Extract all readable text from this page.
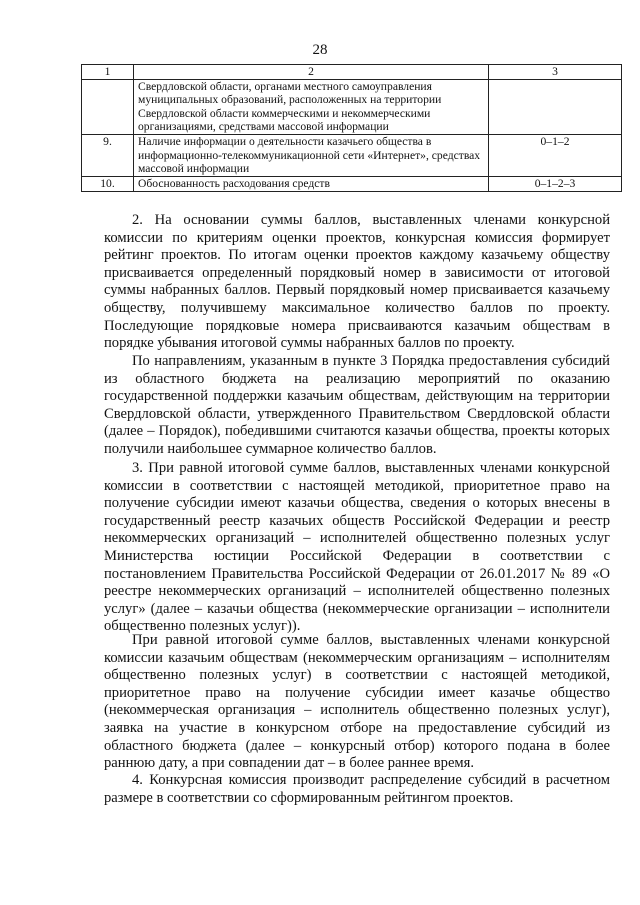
28
1	2	3
	Свердловской области, органами местного самоуправления муниципальных образований, расположенных на территории Свердловской области коммерческими и некоммерческими организациями, средствами массовой информации	
9.	Наличие информации о деятельности казачьего общества в информационно-телекоммуникационной сети «Интернет», средствах массовой информации	0–1–2
10.	Обоснованность расходования средств	0–1–2–3

2. На основании суммы баллов, выставленных членами конкурсной комиссии по критериям оценки проектов, конкурсная комиссия формирует рейтинг проектов. По итогам оценки проектов каждому казачьему обществу присваивается определенный порядковый номер в зависимости от итоговой суммы набранных баллов. Первый порядковый номер присваивается казачьему обществу, получившему максимальное количество баллов по проекту. Последующие порядковые номера присваиваются казачьим обществам в порядке убывания итоговой суммы набранных баллов по проекту.

По направлениям, указанным в пункте 3 Порядка предоставления субсидий из областного бюджета на реализацию мероприятий по оказанию государственной поддержки казачьим обществам, действующим на территории Свердловской области, утвержденного Правительством Свердловской области (далее – Порядок), победившими считаются казачьи общества, проекты которых получили наибольшее суммарное количество баллов.

3. При равной итоговой сумме баллов, выставленных членами конкурсной комиссии в соответствии с настоящей методикой, приоритетное право на получение субсидии имеют казачьи общества, сведения о которых внесены в государственный реестр казачьих обществ Российской Федерации и реестр некоммерческих организаций – исполнителей общественно полезных услуг Министерства юстиции Российской Федерации в соответствии с постановлением Правительства Российской Федерации от 26.01.2017 № 89 «О реестре некоммерческих организаций – исполнителей общественно полезных услуг» (далее – казачьи общества (некоммерческие организации – исполнители общественно полезных услуг)).

При равной итоговой сумме баллов, выставленных членами конкурсной комиссии казачьим обществам (некоммерческим организациям – исполнителям общественно полезных услуг) в соответствии с настоящей методикой, приоритетное право на получение субсидии имеет казачье общество (некоммерческая организация – исполнитель общественно полезных услуг), заявка на участие в конкурсном отборе на предоставление субсидий из областного бюджета (далее – конкурсный отбор) которого подана в более раннюю дату, а при совпадении дат – в более раннее время.

4. Конкурсная комиссия производит распределение субсидий в расчетном размере в соответствии со сформированным рейтингом проектов.
